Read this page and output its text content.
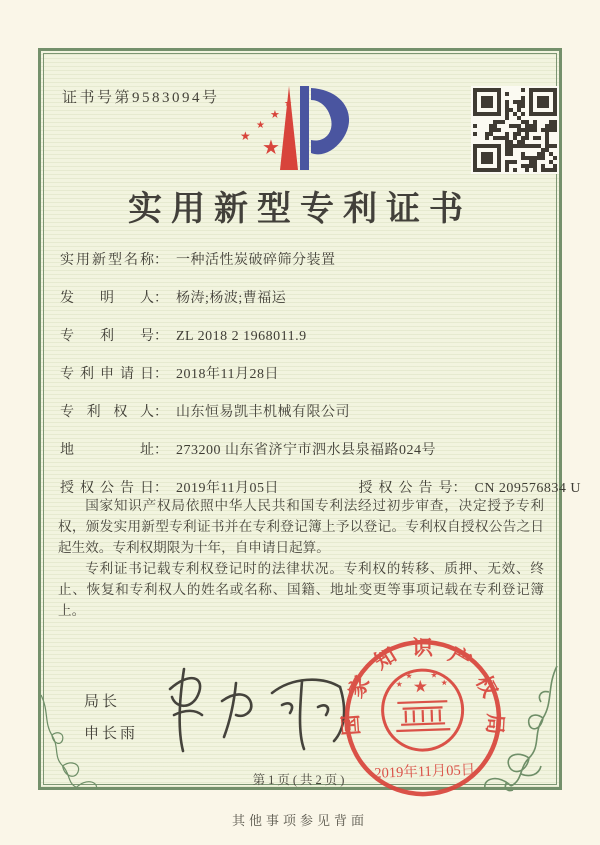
证书号第9583094号	★
★
★
★ ★
实用新型专利证书
实用新型名称： 一种活性炭破碎筛分装置
发明人： 杨涛;杨波;曹福运
专利号： ZL 2018 2 1968011.9
专利申请日： 2018年11月28日
专利权人： 山东恒易凯丰机械有限公司
地址： 273200 山东省济宁市泗水县泉福路024号
授权公告日： 2019年11月05日	授权公告号： CN 209576834 U

国家知识产权局依照中华人民共和国专利法经过初步审查，决定授予专利权，颁发实用新型专利证书并在专利登记簿上予以登记。专利权自授权公告之日起生效。专利权期限为十年，自申请日起算。

专利证书记载专利权登记时的法律状况。专利权的转移、质押、无效、终止、恢复和专利权人的姓名或名称、国籍、地址变更等事项记载在专利登记簿上。

局长
申长雨	国家知识产权局
★
★
★ ★
★
2019年11月05日
第1页(共2页)
其他事项参见背面
